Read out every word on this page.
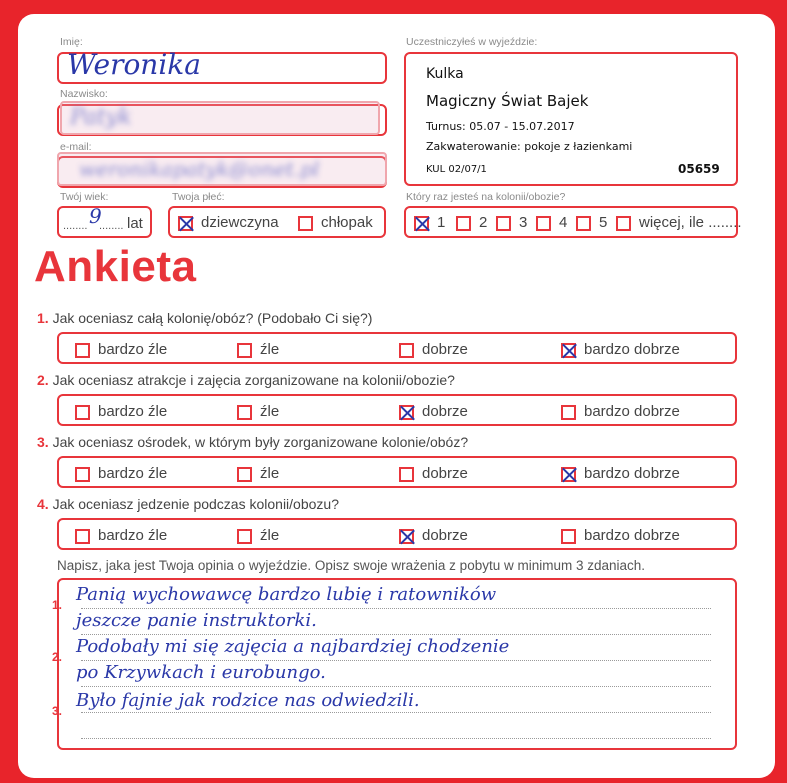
Imię:
Weronika
Nazwisko:
Patyk
e-mail:
weronikapatyk@onet.pl
Twój wiek:
........ 9
........ lat
Twoja płeć:
dziewczyna	chłopak
Uczestniczyłeś w wyjeździe:
Kulka
Magiczny Świat Bajek
Turnus: 05.07 - 15.07.2017
Zakwaterowanie: pokoje z łazienkami
KUL 02/07/1	05659
Który raz jesteś na kolonii/obozie?
1	2	3	4	5	więcej, ile ........
Ankieta
1. Jak oceniasz całą kolonię/obóz? (Podobało Ci się?)
bardzo źle	źle	dobrze	bardzo dobrze
2. Jak oceniasz atrakcje i zajęcia zorganizowane na kolonii/obozie?
bardzo źle	źle	dobrze	bardzo dobrze
3. Jak oceniasz ośrodek, w którym były zorganizowane kolonie/obóz?
bardzo źle	źle	dobrze	bardzo dobrze
4. Jak oceniasz jedzenie podczas kolonii/obozu?
bardzo źle	źle	dobrze	bardzo dobrze
Napisz, jaka jest Twoja opinia o wyjeździe. Opisz swoje wrażenia z pobytu w minimum 3 zdaniach.
1.
2.
3.
Panią wychowawcę bardzo lubię i ratowników
jeszcze panie instruktorki.
Podobały mi się zajęcia a najbardziej chodzenie
po Krzywkach i eurobungo.
Było fajnie jak rodzice nas odwiedzili.
